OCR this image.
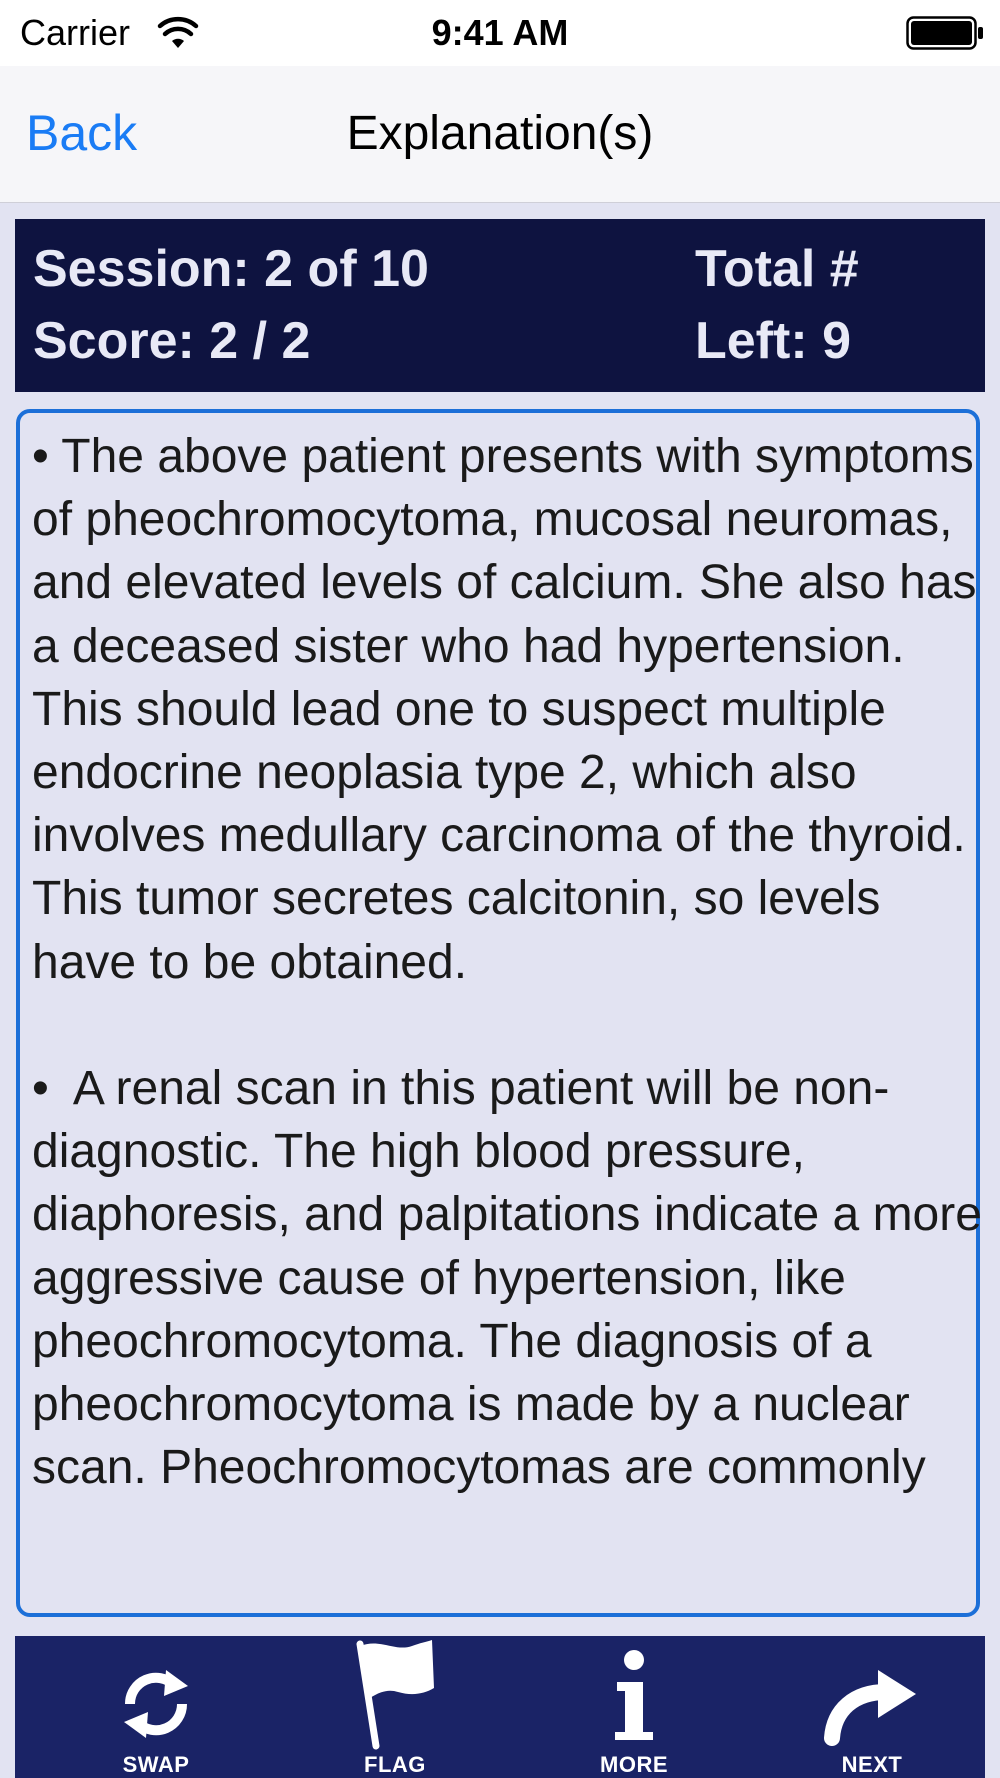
Carrier	9:41 AM
Back	Explanation(s)
Session: 2 of 10
Score: 2 / 2
Total #
Left: 9

• The above patient presents with symptoms of pheochromocytoma, mucosal neuromas, and elevated levels of calcium. She also has a deceased sister who had hypertension. This should lead one to suspect multiple endocrine neoplasia type 2, which also involves medullary carcinoma of the thyroid. This tumor secretes calcitonin, so levels have to be obtained.

•  A renal scan in this patient will be non-diagnostic. The high blood pressure, diaphoresis, and palpitations indicate a more aggressive cause of hypertension, like pheochromocytoma. The diagnosis of a pheochromocytoma is made by a nuclear scan. Pheochromocytomas are commonly

SWAP	FLAG	MORE	NEXT
